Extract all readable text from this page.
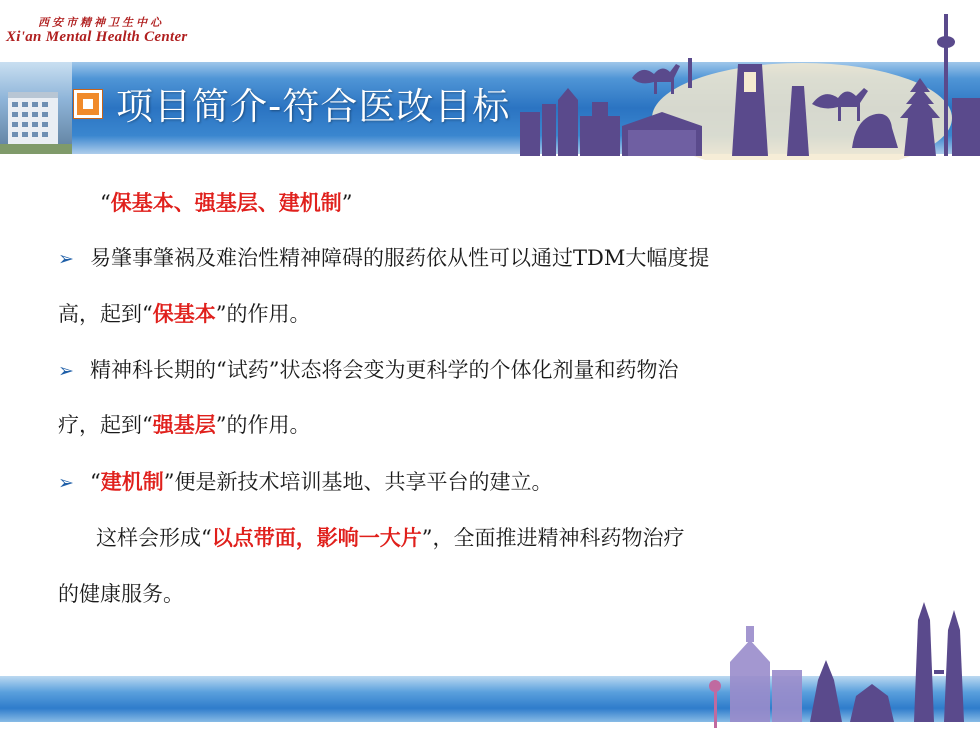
西安市精神卫生中心
Xi'an Mental Health Center
项目简介-符合医改目标
“保基本、强基层、建机制”
➢ 易肇事肇祸及难治性精神障碍的服药依从性可以通过TDM大幅度提
高，起到“保基本”的作用。
➢ 精神科长期的“试药”状态将会变为更科学的个体化剂量和药物治
疗，起到“强基层”的作用。
➢ “建机制”便是新技术培训基地、共享平台的建立。
这样会形成“以点带面，影响一大片”，全面推进精神科药物治疗
的健康服务。
